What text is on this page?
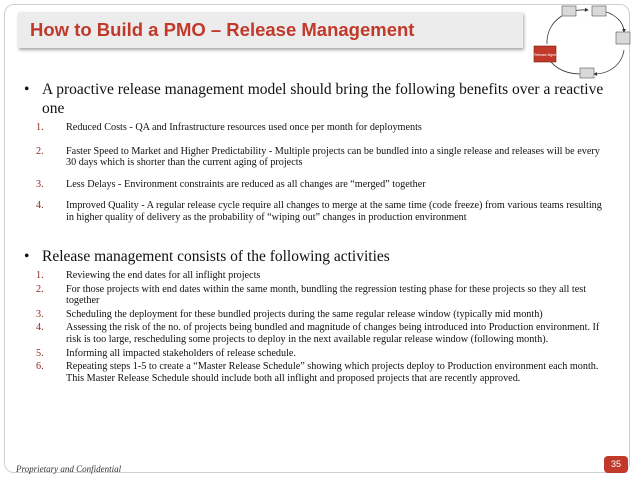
How to Build a PMO – Release Management
Release Mgmt
• A proactive release management model should bring the following benefits over a reactive one
1. Reduced Costs - QA and Infrastructure resources used once per month for deployments
2. Faster Speed to Market and Higher Predictability - Multiple projects can be bundled into a single release and releases will be every 30 days which is shorter than the current aging of projects
3. Less Delays - Environment constraints are reduced as all changes are “merged” together
4. Improved Quality - A regular release cycle require all changes to merge at the same time (code freeze) from various teams resulting in higher quality of delivery as the probability of “wiping out” changes in production environment
• Release management consists of the following activities
1. Reviewing the end dates for all inflight projects
2. For those projects with end dates within the same month, bundling the regression testing phase for these projects so they all test together
3. Scheduling the deployment for these bundled projects during the same regular release window (typically mid month)
4. Assessing the risk of the no. of projects being bundled and magnitude of changes being introduced into Production environment. If risk is too large, rescheduling some projects to deploy in the next available regular release window (following month).
5. Informing all impacted stakeholders of release schedule.
6. Repeating steps 1-5 to create a “Master Release Schedule” showing which projects deploy to Production environment each month. This Master Release Schedule should include both all inflight and proposed projects that are recently approved.
Proprietary and Confidential	35
